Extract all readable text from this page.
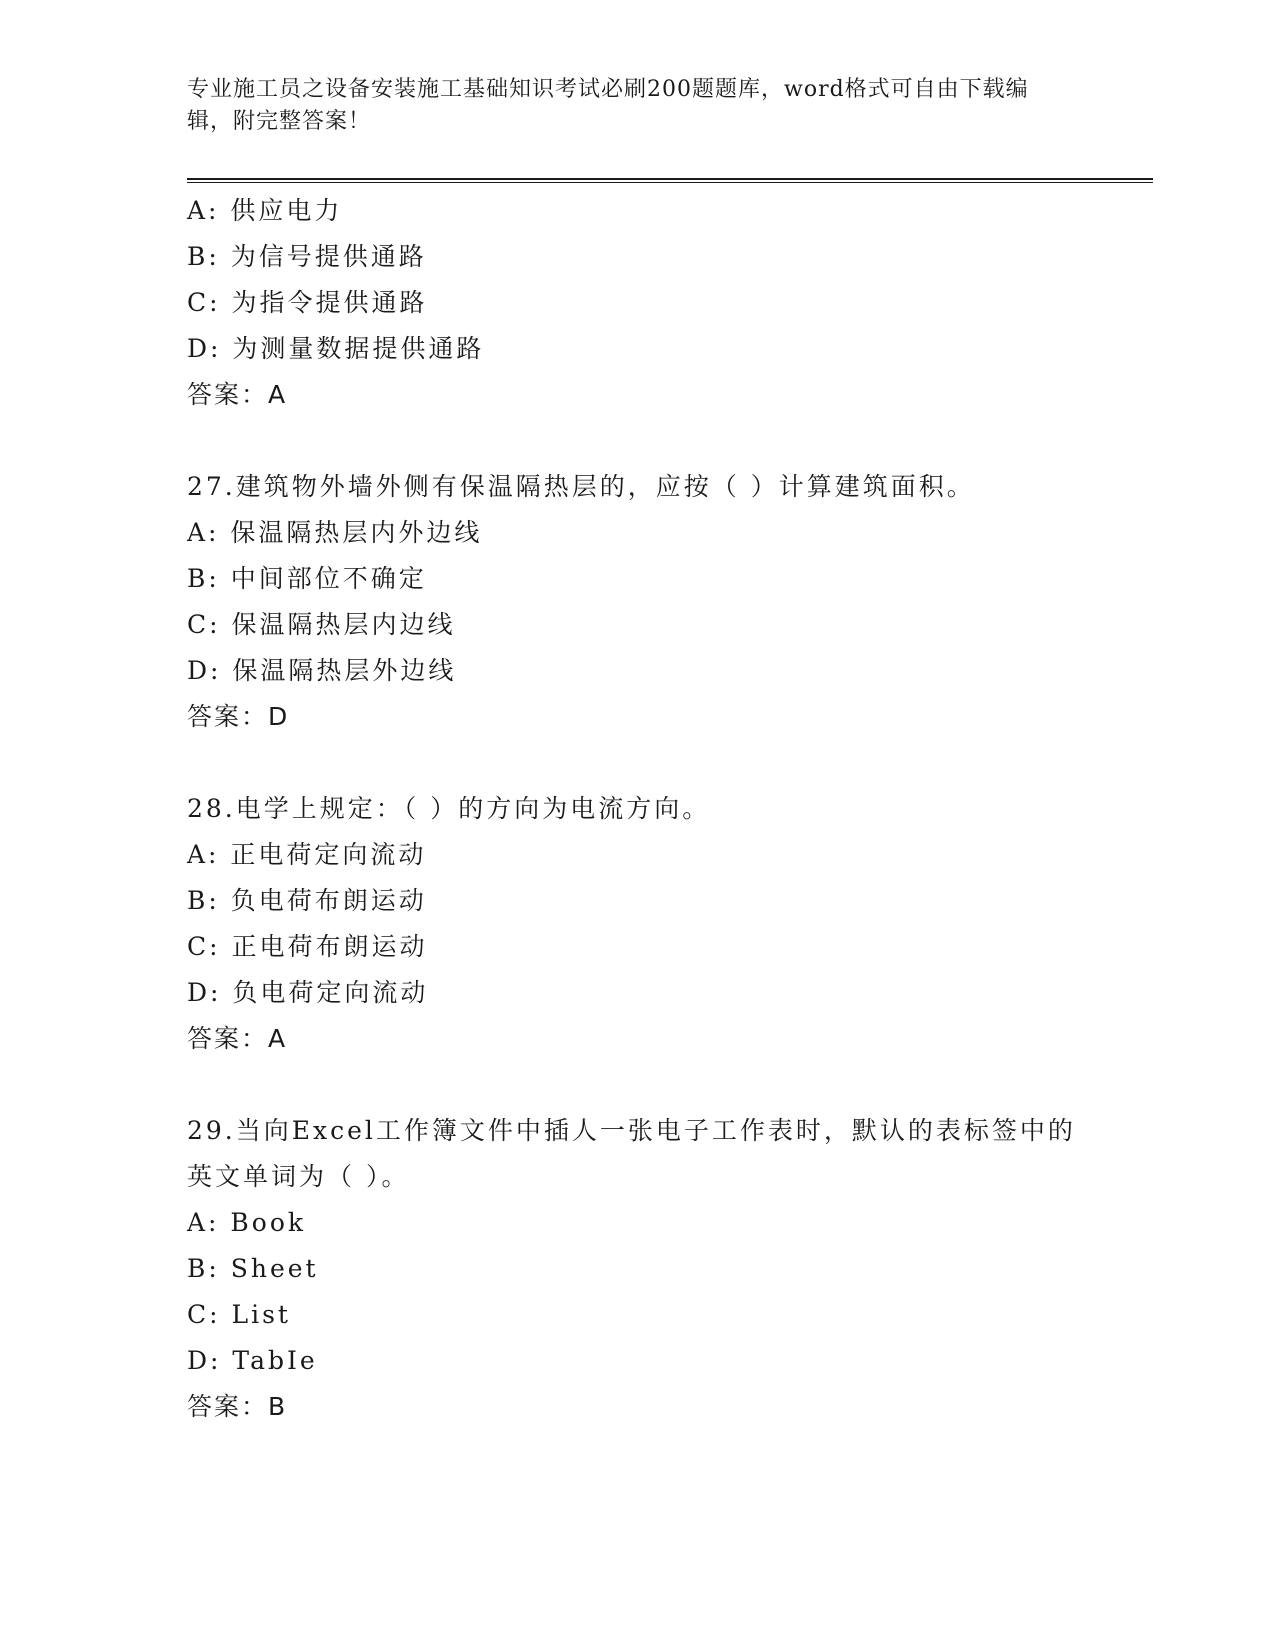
专业施工员之设备安装施工基础知识考试必刷200题题库，word格式可自由下载编辑，附完整答案！
A: 供应电力
B: 为信号提供通路
C: 为指令提供通路
D: 为测量数据提供通路
答案：A
27.建筑物外墙外侧有保温隔热层的，应按（ ）计算建筑面积。
A: 保温隔热层内外边线
B: 中间部位不确定
C: 保温隔热层内边线
D: 保温隔热层外边线
答案：D
28.电学上规定：（ ）的方向为电流方向。
A: 正电荷定向流动
B: 负电荷布朗运动
C: 正电荷布朗运动
D: 负电荷定向流动
答案：A
29.当向Excel工作簿文件中插人一张电子工作表时，默认的表标签中的英文单词为（ ）。
A: Book
B: Sheet
C: List
D: TabIe
答案：B
